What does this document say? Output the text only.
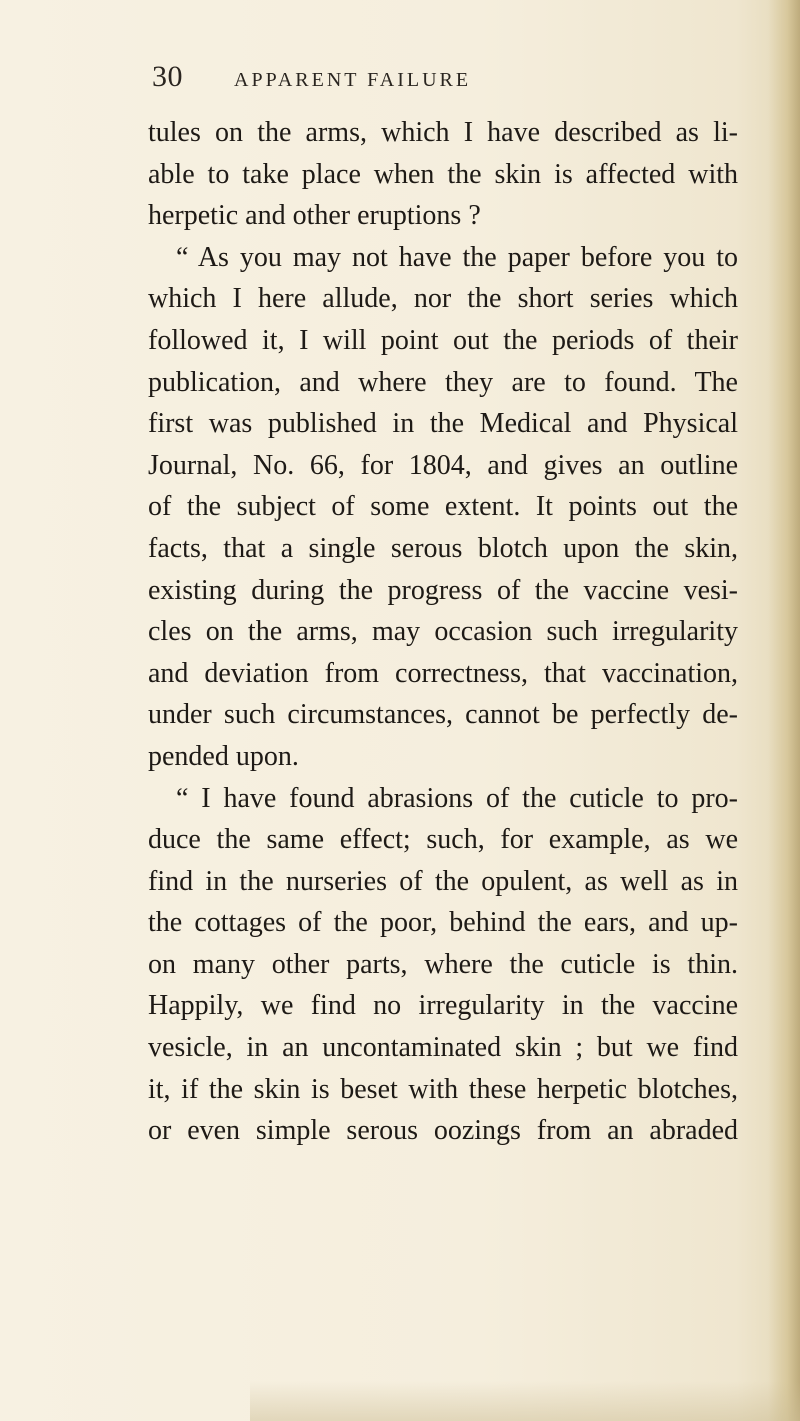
30	APPARENT FAILURE
tules on the arms, which I have described as li-
able to take place when the skin is affected with
herpetic and other eruptions ?
“ As you may not have the paper before you to
which I here allude, nor the short series which
followed it, I will point out the periods of their
publication, and where they are to found. The
first was published in the Medical and Physical
Journal, No. 66, for 1804, and gives an outline
of the subject of some extent. It points out the
facts, that a single serous blotch upon the skin,
existing during the progress of the vaccine vesi-
cles on the arms, may occasion such irregularity
and deviation from correctness, that vaccination,
under such circumstances, cannot be perfectly de-
pended upon.
“ I have found abrasions of the cuticle to pro-
duce the same effect; such, for example, as we
find in the nurseries of the opulent, as well as in
the cottages of the poor, behind the ears, and up-
on many other parts, where the cuticle is thin.
Happily, we find no irregularity in the vaccine
vesicle, in an uncontaminated skin ; but we find
it, if the skin is beset with these herpetic blotches,
or even simple serous oozings from an abraded
